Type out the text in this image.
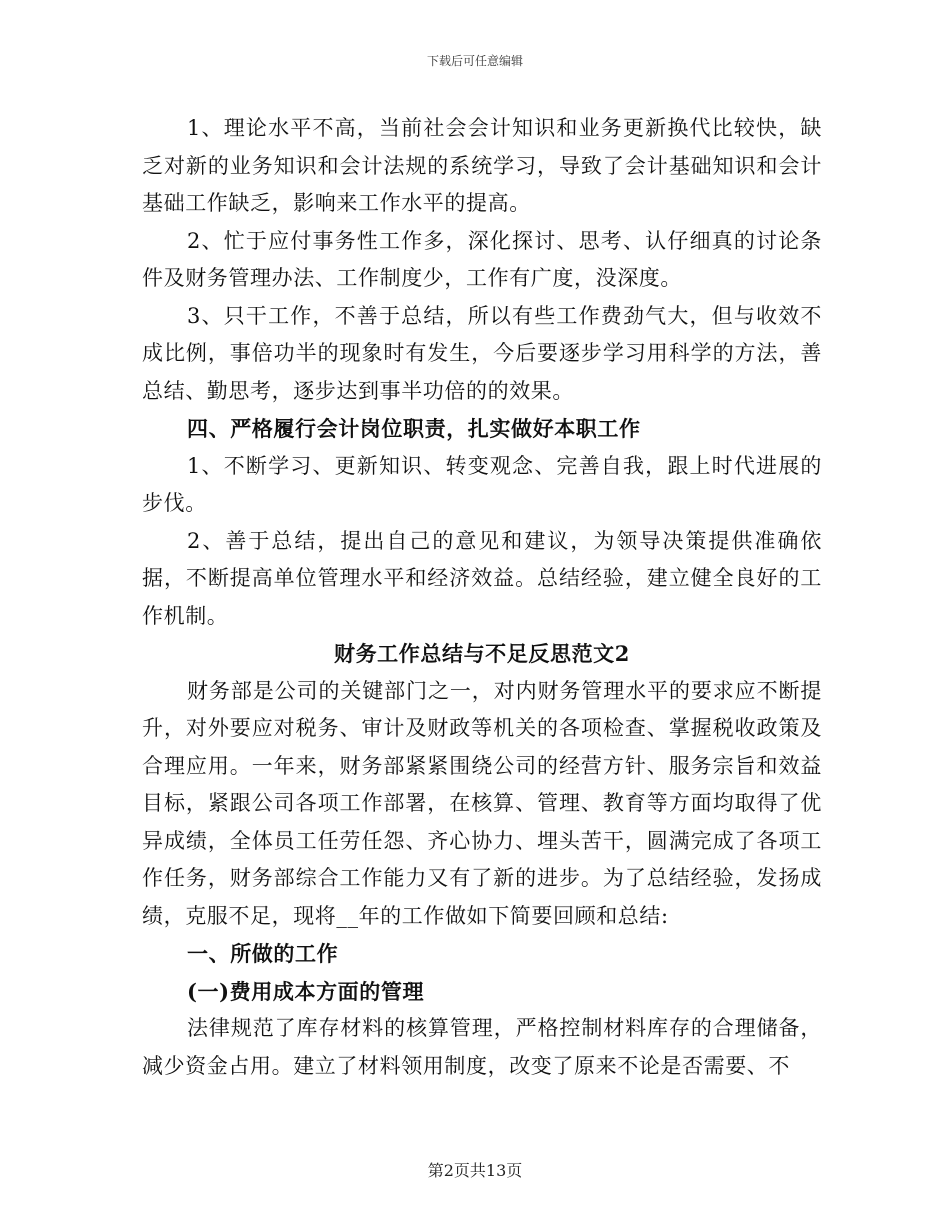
下载后可任意编辑

1、理论水平不高，当前社会会计知识和业务更新换代比较快，缺乏对新的业务知识和会计法规的系统学习，导致了会计基础知识和会计基础工作缺乏，影响来工作水平的提高。

2、忙于应付事务性工作多，深化探讨、思考、认仔细真的讨论条件及财务管理办法、工作制度少，工作有广度，没深度。

3、只干工作，不善于总结，所以有些工作费劲气大，但与收效不成比例，事倍功半的现象时有发生，今后要逐步学习用科学的方法，善总结、勤思考，逐步达到事半功倍的的效果。

四、严格履行会计岗位职责，扎实做好本职工作

1、不断学习、更新知识、转变观念、完善自我，跟上时代进展的步伐。

2、善于总结，提出自己的意见和建议，为领导决策提供准确依据，不断提高单位管理水平和经济效益。总结经验，建立健全良好的工作机制。

财务工作总结与不足反思范文2

财务部是公司的关键部门之一，对内财务管理水平的要求应不断提升，对外要应对税务、审计及财政等机关的各项检查、掌握税收政策及合理应用。一年来，财务部紧紧围绕公司的经营方针、服务宗旨和效益目标，紧跟公司各项工作部署，在核算、管理、教育等方面均取得了优异成绩，全体员工任劳任怨、齐心协力、埋头苦干，圆满完成了各项工作任务，财务部综合工作能力又有了新的进步。为了总结经验，发扬成绩，克服不足，现将__年的工作做如下简要回顾和总结:

一、所做的工作

(一)费用成本方面的管理

法律规范了库存材料的核算管理，严格控制材料库存的合理储备，减少资金占用。建立了材料领用制度，改变了原来不论是否需要、不

第2页共13页
